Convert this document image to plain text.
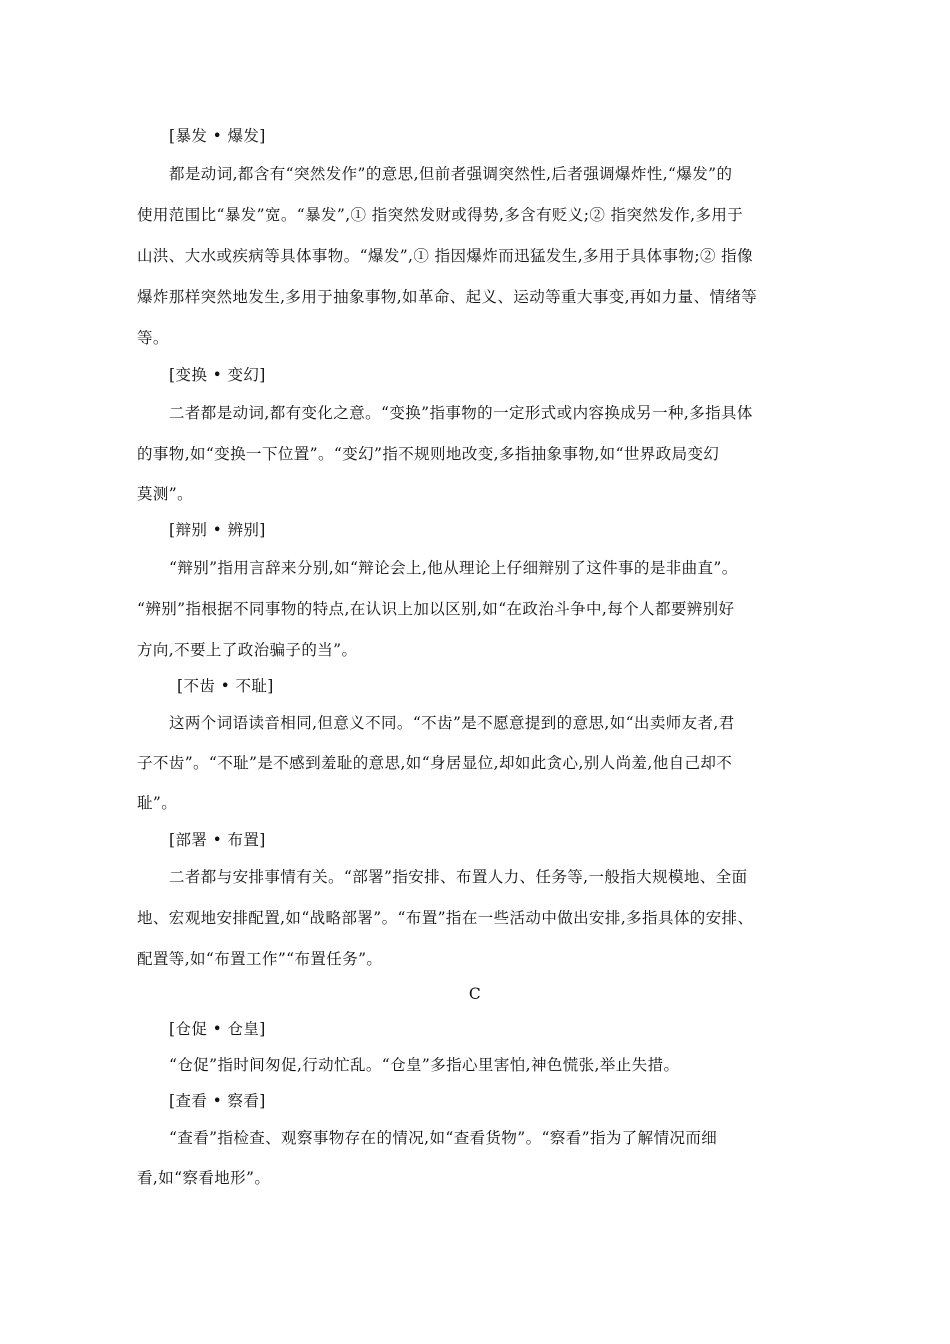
[暴发 • 爆发]
都是动词,都含有“突然发作”的意思,但前者强调突然性,后者强调爆炸性,“爆发”的
使用范围比“暴发”宽。“暴发”,① 指突然发财或得势,多含有贬义;② 指突然发作,多用于
山洪、大水或疾病等具体事物。“爆发”,① 指因爆炸而迅猛发生,多用于具体事物;② 指像
爆炸那样突然地发生,多用于抽象事物,如革命、起义、运动等重大事变,再如力量、情绪等
等。
[变换 • 变幻]
二者都是动词,都有变化之意。“变换”指事物的一定形式或内容换成另一种,多指具体
的事物,如“变换一下位置”。“变幻”指不规则地改变,多指抽象事物,如“世界政局变幻
莫测”。
[辩别 • 辨别]
“辩别”指用言辞来分别,如“辩论会上,他从理论上仔细辩别了这件事的是非曲直”。
“辨别”指根据不同事物的特点,在认识上加以区别,如“在政治斗争中,每个人都要辨别好
方向,不要上了政治骗子的当”。
[不齿 • 不耻]
这两个词语读音相同,但意义不同。“不齿”是不愿意提到的意思,如“出卖师友者,君
子不齿”。“不耻”是不感到羞耻的意思,如“身居显位,却如此贪心,别人尚羞,他自己却不
耻”。
[部署 • 布置]
二者都与安排事情有关。“部署”指安排、布置人力、任务等,一般指大规模地、全面
地、宏观地安排配置,如“战略部署”。“布置”指在一些活动中做出安排,多指具体的安排、
配置等,如“布置工作”“布置任务”。
C
[仓促 • 仓皇]
“仓促”指时间匆促,行动忙乱。“仓皇”多指心里害怕,神色慌张,举止失措。
[查看 • 察看]
“查看”指检查、观察事物存在的情况,如“查看货物”。“察看”指为了解情况而细
看,如“察看地形”。
